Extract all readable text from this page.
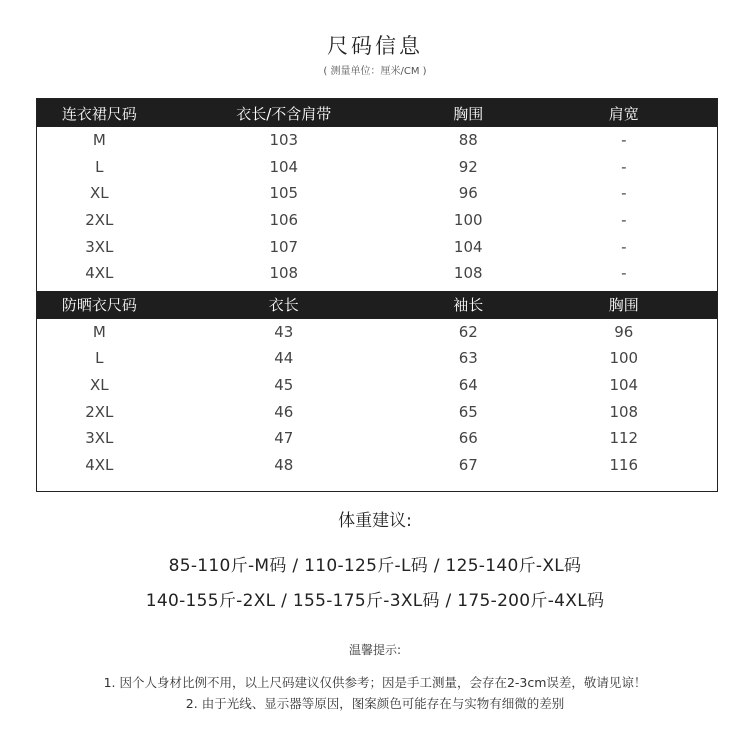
尺码信息
( 测量单位：厘米/CM )
连衣裙尺码	衣长/不含肩带	胸围	肩宽
M	103	88	-
L	104	92	-
XL	105	96	-
2XL	106	100	-
3XL	107	104	-
4XL	108	108	-
防晒衣尺码	衣长	袖长	胸围
M	43	62	96
L	44	63	100
XL	45	64	104
2XL	46	65	108
3XL	47	66	112
4XL	48	67	116
体重建议:
85-110斤-M码 / 110-125斤-L码 / 125-140斤-XL码
140-155斤-2XL / 155-175斤-3XL码 / 175-200斤-4XL码
温馨提示:
1. 因个人身材比例不用，以上尺码建议仅供参考；因是手工测量，会存在2-3cm误差，敬请见谅！
2. 由于光线、显示器等原因，图案颜色可能存在与实物有细微的差别
